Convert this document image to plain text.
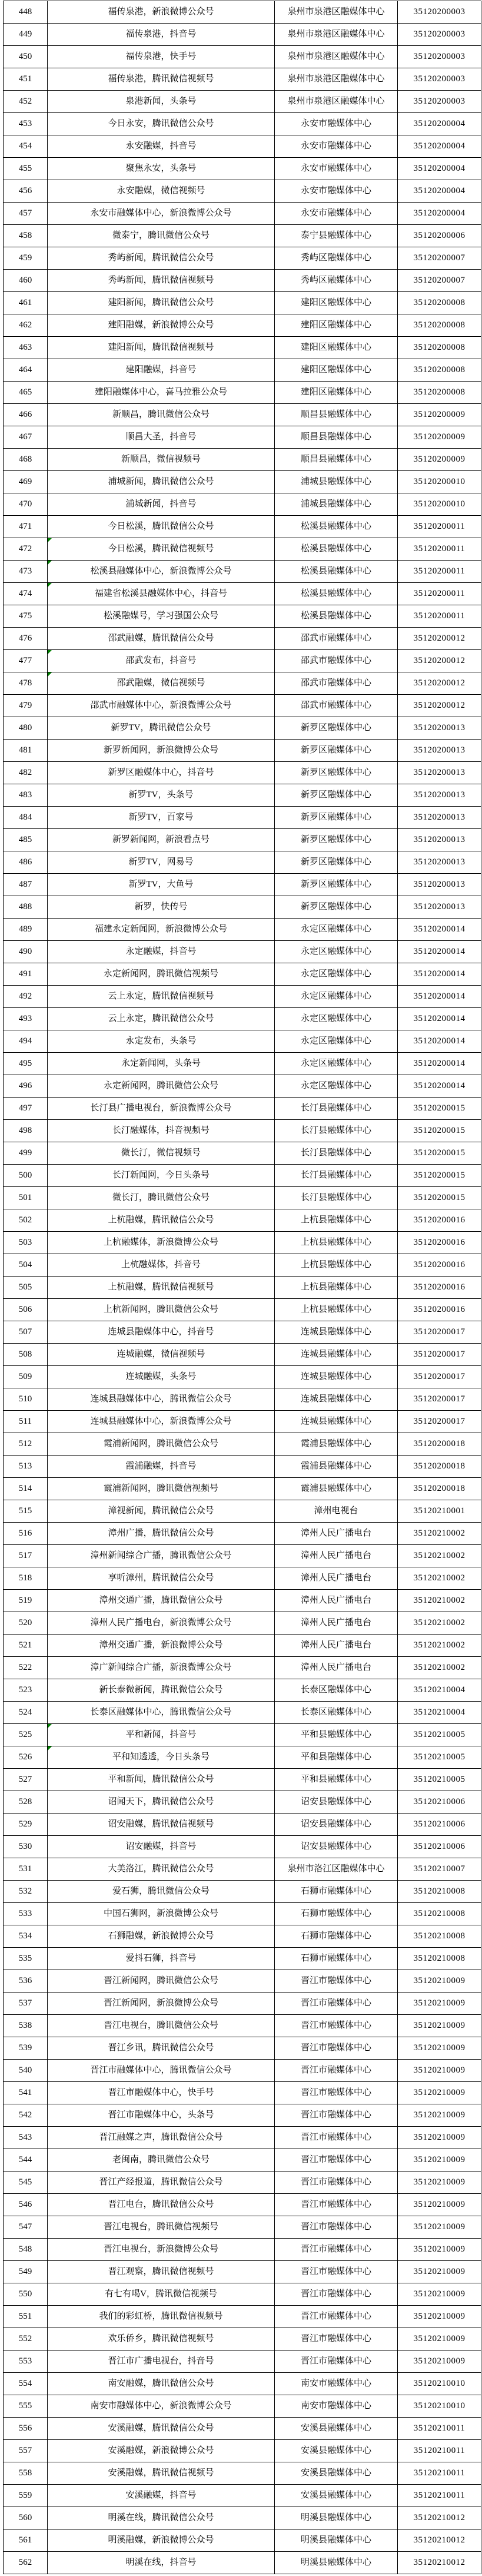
448	福传泉港，新浪微博公众号	泉州市泉港区融媒体中心	35120200003
449	福传泉港，抖音号	泉州市泉港区融媒体中心	35120200003
450	福传泉港，快手号	泉州市泉港区融媒体中心	35120200003
451	福传泉港，腾讯微信视频号	泉州市泉港区融媒体中心	35120200003
452	泉港新闻，头条号	泉州市泉港区融媒体中心	35120200003
453	今日永安，腾讯微信公众号	永安市融媒体中心	35120200004
454	永安融媒，抖音号	永安市融媒体中心	35120200004
455	聚焦永安，头条号	永安市融媒体中心	35120200004
456	永安融媒，微信视频号	永安市融媒体中心	35120200004
457	永安市融媒体中心，新浪微博公众号	永安市融媒体中心	35120200004
458	微泰宁，腾讯微信公众号	泰宁县融媒体中心	35120200006
459	秀屿新闻，腾讯微信公众号	秀屿区融媒体中心	35120200007
460	秀屿新闻，腾讯微信视频号	秀屿区融媒体中心	35120200007
461	建阳新闻，腾讯微信公众号	建阳区融媒体中心	35120200008
462	建阳融媒，新浪微博公众号	建阳区融媒体中心	35120200008
463	建阳新闻，腾讯微信视频号	建阳区融媒体中心	35120200008
464	建阳融媒，抖音号	建阳区融媒体中心	35120200008
465	建阳融媒体中心，喜马拉雅公众号	建阳区融媒体中心	35120200008
466	新顺昌，腾讯微信公众号	顺昌县融媒体中心	35120200009
467	顺昌大圣，抖音号	顺昌县融媒体中心	35120200009
468	新顺昌，微信视频号	顺昌县融媒体中心	35120200009
469	浦城新闻，腾讯微信公众号	浦城县融媒体中心	35120200010
470	浦城新闻，抖音号	浦城县融媒体中心	35120200010
471	今日松溪，腾讯微信公众号	松溪县融媒体中心	35120200011
472	今日松溪，腾讯微信视频号	松溪县融媒体中心	35120200011
473	松溪县融媒体中心，新浪微博公众号	松溪县融媒体中心	35120200011
474	福建省松溪县融媒体中心，抖音号	松溪县融媒体中心	35120200011
475	松溪融媒号，学习强国公众号	松溪县融媒体中心	35120200011
476	邵武融媒，腾讯微信公众号	邵武市融媒体中心	35120200012
477	邵武发布，抖音号	邵武市融媒体中心	35120200012
478	邵武融媒，微信视频号	邵武市融媒体中心	35120200012
479	邵武市融媒体中心，新浪微博公众号	邵武市融媒体中心	35120200012
480	新罗TV，腾讯微信公众号	新罗区融媒体中心	35120200013
481	新罗新闻网，新浪微博公众号	新罗区融媒体中心	35120200013
482	新罗区融媒体中心，抖音号	新罗区融媒体中心	35120200013
483	新罗TV，头条号	新罗区融媒体中心	35120200013
484	新罗TV，百家号	新罗区融媒体中心	35120200013
485	新罗新闻网，新浪看点号	新罗区融媒体中心	35120200013
486	新罗TV，网易号	新罗区融媒体中心	35120200013
487	新罗TV，大鱼号	新罗区融媒体中心	35120200013
488	新罗，快传号	新罗区融媒体中心	35120200013
489	福建永定新闻网，新浪微博公众号	永定区融媒体中心	35120200014
490	永定融媒，抖音号	永定区融媒体中心	35120200014
491	永定新闻网，腾讯微信视频号	永定区融媒体中心	35120200014
492	云上永定，腾讯微信视频号	永定区融媒体中心	35120200014
493	云上永定，腾讯微信公众号	永定区融媒体中心	35120200014
494	永定发布，头条号	永定区融媒体中心	35120200014
495	永定新闻网，头条号	永定区融媒体中心	35120200014
496	永定新闻网，腾讯微信公众号	永定区融媒体中心	35120200014
497	长汀县广播电视台，新浪微博公众号	长汀县融媒体中心	35120200015
498	长汀融媒体，抖音视频号	长汀县融媒体中心	35120200015
499	微长汀，微信视频号	长汀县融媒体中心	35120200015
500	长汀新闻网，今日头条号	长汀县融媒体中心	35120200015
501	微长汀，腾讯微信公众号	长汀县融媒体中心	35120200015
502	上杭融媒，腾讯微信公众号	上杭县融媒体中心	35120200016
503	上杭融媒体，新浪微博公众号	上杭县融媒体中心	35120200016
504	上杭融媒体，抖音号	上杭县融媒体中心	35120200016
505	上杭融媒，腾讯微信视频号	上杭县融媒体中心	35120200016
506	上杭新闻网，腾讯微信公众号	上杭县融媒体中心	35120200016
507	连城县融媒体中心，抖音号	连城县融媒体中心	35120200017
508	连城融媒，微信视频号	连城县融媒体中心	35120200017
509	连城融媒，头条号	连城县融媒体中心	35120200017
510	连城县融媒体中心，腾讯微信公众号	连城县融媒体中心	35120200017
511	连城县融媒体中心，新浪微博公众号	连城县融媒体中心	35120200017
512	霞浦新闻网，腾讯微信公众号	霞浦县融媒体中心	35120200018
513	霞浦融媒，抖音号	霞浦县融媒体中心	35120200018
514	霞浦新闻网，腾讯微信视频号	霞浦县融媒体中心	35120200018
515	漳视新闻，腾讯微信公众号	漳州电视台	35120210001
516	漳州广播，腾讯微信公众号	漳州人民广播电台	35120210002
517	漳州新闻综合广播，腾讯微信公众号	漳州人民广播电台	35120210002
518	享听漳州，腾讯微信公众号	漳州人民广播电台	35120210002
519	漳州交通广播，腾讯微信公众号	漳州人民广播电台	35120210002
520	漳州人民广播电台，新浪微博公众号	漳州人民广播电台	35120210002
521	漳州交通广播，新浪微博公众号	漳州人民广播电台	35120210002
522	漳广新闻综合广播，新浪微博公众号	漳州人民广播电台	35120210002
523	新长泰微新闻，腾讯微信公众号	长泰区融媒体中心	35120210004
524	长泰区融媒体中心，腾讯微信公众号	长泰区融媒体中心	35120210004
525	平和新闻，抖音号	平和县融媒体中心	35120210005
526	平和知透透，今日头条号	平和县融媒体中心	35120210005
527	平和新闻，腾讯微信公众号	平和县融媒体中心	35120210005
528	诏闻天下，腾讯微信公众号	诏安县融媒体中心	35120210006
529	诏安融媒，腾讯微信视频号	诏安县融媒体中心	35120210006
530	诏安融媒，抖音号	诏安县融媒体中心	35120210006
531	大美洛江，腾讯微信公众号	泉州市洛江区融媒体中心	35120210007
532	爱石狮，腾讯微信公众号	石狮市融媒体中心	35120210008
533	中国石狮网，新浪微博公众号	石狮市融媒体中心	35120210008
534	石狮融媒，新浪微博公众号	石狮市融媒体中心	35120210008
535	爱抖石狮，抖音号	石狮市融媒体中心	35120210008
536	晋江新闻网，腾讯微信公众号	晋江市融媒体中心	35120210009
537	晋江新闻网，新浪微博公众号	晋江市融媒体中心	35120210009
538	晋江电视台，腾讯微信公众号	晋江市融媒体中心	35120210009
539	晋江乡讯，腾讯微信公众号	晋江市融媒体中心	35120210009
540	晋江市融媒体中心，腾讯微信公众号	晋江市融媒体中心	35120210009
541	晋江市融媒体中心，快手号	晋江市融媒体中心	35120210009
542	晋江市融媒体中心，头条号	晋江市融媒体中心	35120210009
543	晋江融媒之声，腾讯微信公众号	晋江市融媒体中心	35120210009
544	老闽南，腾讯微信公众号	晋江市融媒体中心	35120210009
545	晋江产经报道，腾讯微信公众号	晋江市融媒体中心	35120210009
546	晋江电台，腾讯微信公众号	晋江市融媒体中心	35120210009
547	晋江电视台，腾讯微信视频号	晋江市融媒体中心	35120210009
548	晋江电视台，新浪微博公众号	晋江市融媒体中心	35120210009
549	晋江观察，腾讯微信视频号	晋江市融媒体中心	35120210009
550	有七有喝V，腾讯微信视频号	晋江市融媒体中心	35120210009
551	我们的彩虹桥，腾讯微信视频号	晋江市融媒体中心	35120210009
552	欢乐侨乡，腾讯微信视频号	晋江市融媒体中心	35120210009
553	晋江市广播电视台，抖音号	晋江市融媒体中心	35120210009
554	南安融媒，腾讯微信公众号	南安市融媒体中心	35120210010
555	南安市融媒体中心，新浪微博公众号	南安市融媒体中心	35120210010
556	安溪融媒，腾讯微信公众号	安溪县融媒体中心	35120210011
557	安溪融媒，新浪微博公众号	安溪县融媒体中心	35120210011
558	安溪融媒，腾讯微信视频号	安溪县融媒体中心	35120210011
559	安溪融媒，抖音号	安溪县融媒体中心	35120210011
560	明溪在线，腾讯微信公众号	明溪县融媒体中心	35120210012
561	明溪融媒，新浪微博公众号	明溪县融媒体中心	35120210012
562	明溪在线，抖音号	明溪县融媒体中心	35120210012
